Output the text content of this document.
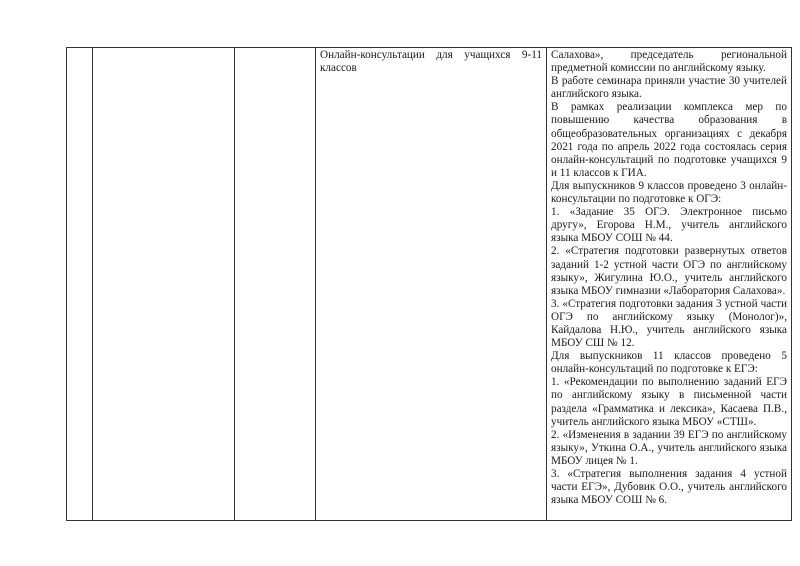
Онлайн-консультации для учащихся 9-11 классов

Салахова», председатель региональной предметной комиссии по английскому языку.

В работе семинара приняли участие 30 учителей английского языка.

В рамках реализации комплекса мер по повышению качества образования в общеобразовательных организациях с декабря 2021 года по апрель 2022 года состоялась серия онлайн-консультаций по подготовке учащихся 9 и 11 классов к ГИА.

Для выпускников 9 классов проведено 3 онлайн-консультации по подготовке к ОГЭ:

1. «Задание 35 ОГЭ. Электронное письмо другу», Егорова Н.М., учитель английского языка МБОУ СОШ № 44.

2. «Стратегия подготовки развернутых ответов заданий 1-2 устной части ОГЭ по английскому языку», Жигулина Ю.О., учитель английского языка МБОУ гимназии «Лаборатория Салахова».

3. «Стратегия подготовки задания 3 устной части ОГЭ по английскому языку (Монолог)», Кайдалова Н.Ю., учитель английского языка МБОУ СШ № 12.

Для выпускников 11 классов проведено 5 онлайн-консультаций по подготовке к ЕГЭ:

1. «Рекомендации по выполнению заданий ЕГЭ по английскому языку в письменной части раздела «Грамматика и лексика», Касаева П.В., учитель английского языка МБОУ «СТШ».

2. «Изменения в задании 39 ЕГЭ по английскому языку», Уткина О.А., учитель английского языка МБОУ лицея № 1.

3. «Стратегия выполнения задания 4 устной части ЕГЭ», Дубовик О.О., учитель английского языка МБОУ СОШ № 6.
